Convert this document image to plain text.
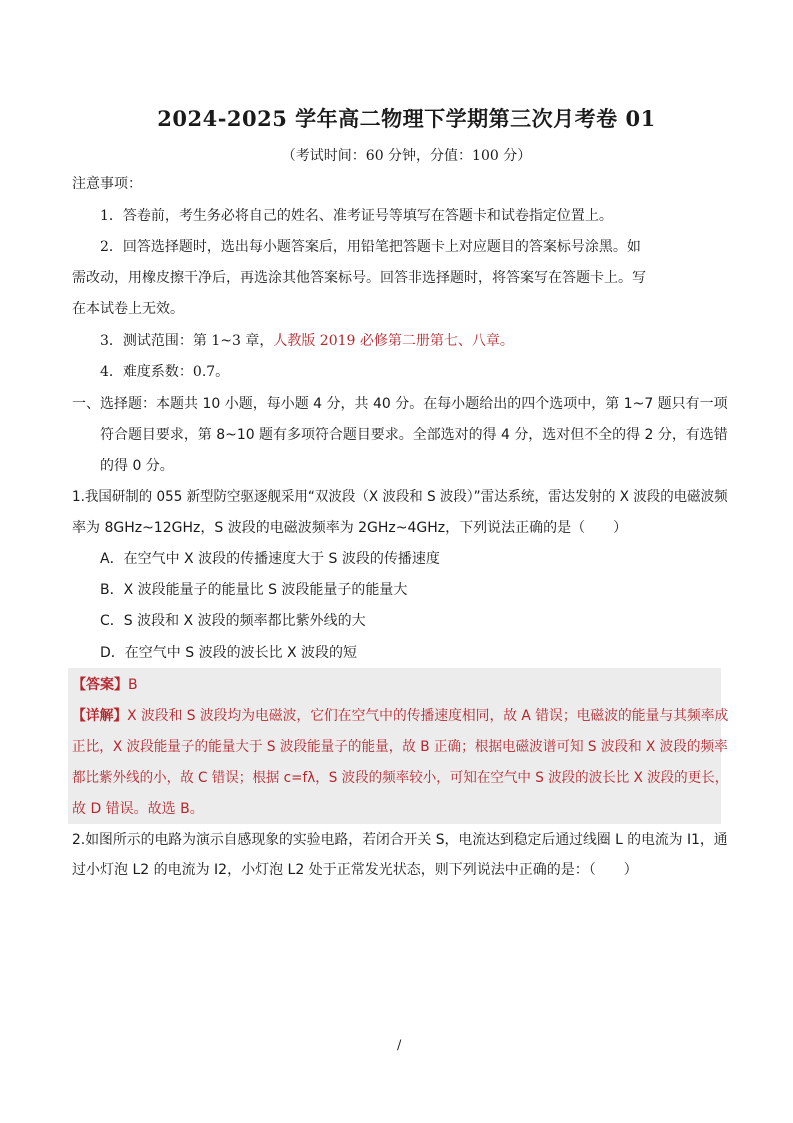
2024-2025 学年高二物理下学期第三次月考卷 01
（考试时间：60 分钟，分值：100 分）
注意事项：
1．答卷前，考生务必将自己的姓名、准考证号等填写在答题卡和试卷指定位置上。
2．回答选择题时，选出每小题答案后，用铅笔把答题卡上对应题目的答案标号涂黑。如
需改动，用橡皮擦干净后，再选涂其他答案标号。回答非选择题时，将答案写在答题卡上。写
在本试卷上无效。
3．测试范围：第 1~3 章，人教版 2019 必修第二册第七、八章。
4．难度系数：0.7。
一、选择题：本题共 10 小题，每小题 4 分，共 40 分。在每小题给出的四个选项中，第 1~7 题只有一项
符合题目要求，第 8~10 题有多项符合题目要求。全部选对的得 4 分，选对但不全的得 2 分，有选错
的得 0 分。
1.我国研制的 055 新型防空驱逐舰采用“双波段（X 波段和 S 波段）”雷达系统，雷达发射的 X 波段的电磁波频
率为 8GHz~12GHz，S 波段的电磁波频率为 2GHz~4GHz，下列说法正确的是（　　）
A．在空气中 X 波段的传播速度大于 S 波段的传播速度
B．X 波段能量子的能量比 S 波段能量子的能量大
C．S 波段和 X 波段的频率都比紫外线的大
D．在空气中 S 波段的波长比 X 波段的短
【答案】B
【详解】X 波段和 S 波段均为电磁波，它们在空气中的传播速度相同，故 A 错误；电磁波的能量与其频率成
正比，X 波段能量子的能量大于 S 波段能量子的能量，故 B 正确；根据电磁波谱可知 S 波段和 X 波段的频率
都比紫外线的小，故 C 错误；根据 c=fλ，S 波段的频率较小，可知在空气中 S 波段的波长比 X 波段的更长，
故 D 错误。故选 B。
2.如图所示的电路为演示自感现象的实验电路，若闭合开关 S，电流达到稳定后通过线圈 L 的电流为 I1，通
过小灯泡 L2 的电流为 I2，小灯泡 L2 处于正常发光状态，则下列说法中正确的是：（　　）
/
